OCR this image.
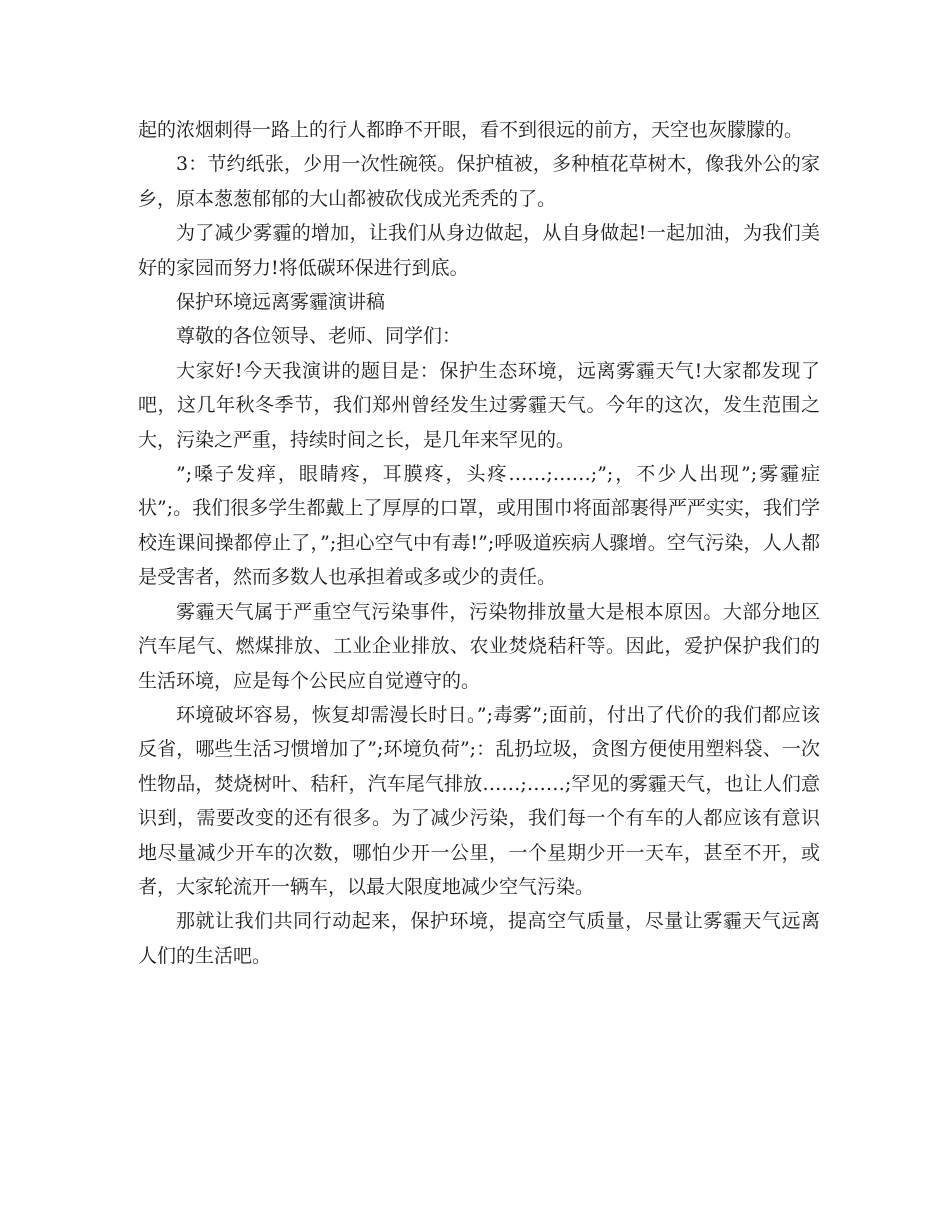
起的浓烟刺得一路上的行人都睁不开眼，看不到很远的前方，天空也灰朦朦的。

3：节约纸张，少用一次性碗筷。保护植被，多种植花草树木，像我外公的家乡，原本葱葱郁郁的大山都被砍伐成光秃秃的了。

为了减少雾霾的增加，让我们从身边做起，从自身做起!一起加油，为我们美好的家园而努力!将低碳环保进行到底。

保护环境远离雾霾演讲稿

尊敬的各位领导、老师、同学们：

大家好!今天我演讲的题目是：保护生态环境，远离雾霾天气!大家都发现了吧，这几年秋冬季节，我们郑州曾经发生过雾霾天气。今年的这次，发生范围之大，污染之严重，持续时间之长，是几年来罕见的。

”;嗓子发痒，眼睛疼，耳膜疼，头疼……;……;”;，不少人出现”;雾霾症状”;。我们很多学生都戴上了厚厚的口罩，或用围巾将面部裹得严严实实，我们学校连课间操都停止了，”;担心空气中有毒!”;呼吸道疾病人骤增。空气污染，人人都是受害者，然而多数人也承担着或多或少的责任。

雾霾天气属于严重空气污染事件，污染物排放量大是根本原因。大部分地区汽车尾气、燃煤排放、工业企业排放、农业焚烧秸秆等。因此，爱护保护我们的生活环境，应是每个公民应自觉遵守的。

环境破坏容易，恢复却需漫长时日。”;毒雾”;面前，付出了代价的我们都应该反省，哪些生活习惯增加了”;环境负荷”;：乱扔垃圾，贪图方便使用塑料袋、一次性物品，焚烧树叶、秸秆，汽车尾气排放……;……;罕见的雾霾天气，也让人们意识到，需要改变的还有很多。为了减少污染，我们每一个有车的人都应该有意识地尽量减少开车的次数，哪怕少开一公里，一个星期少开一天车，甚至不开，或者，大家轮流开一辆车，以最大限度地减少空气污染。

那就让我们共同行动起来，保护环境，提高空气质量，尽量让雾霾天气远离人们的生活吧。
